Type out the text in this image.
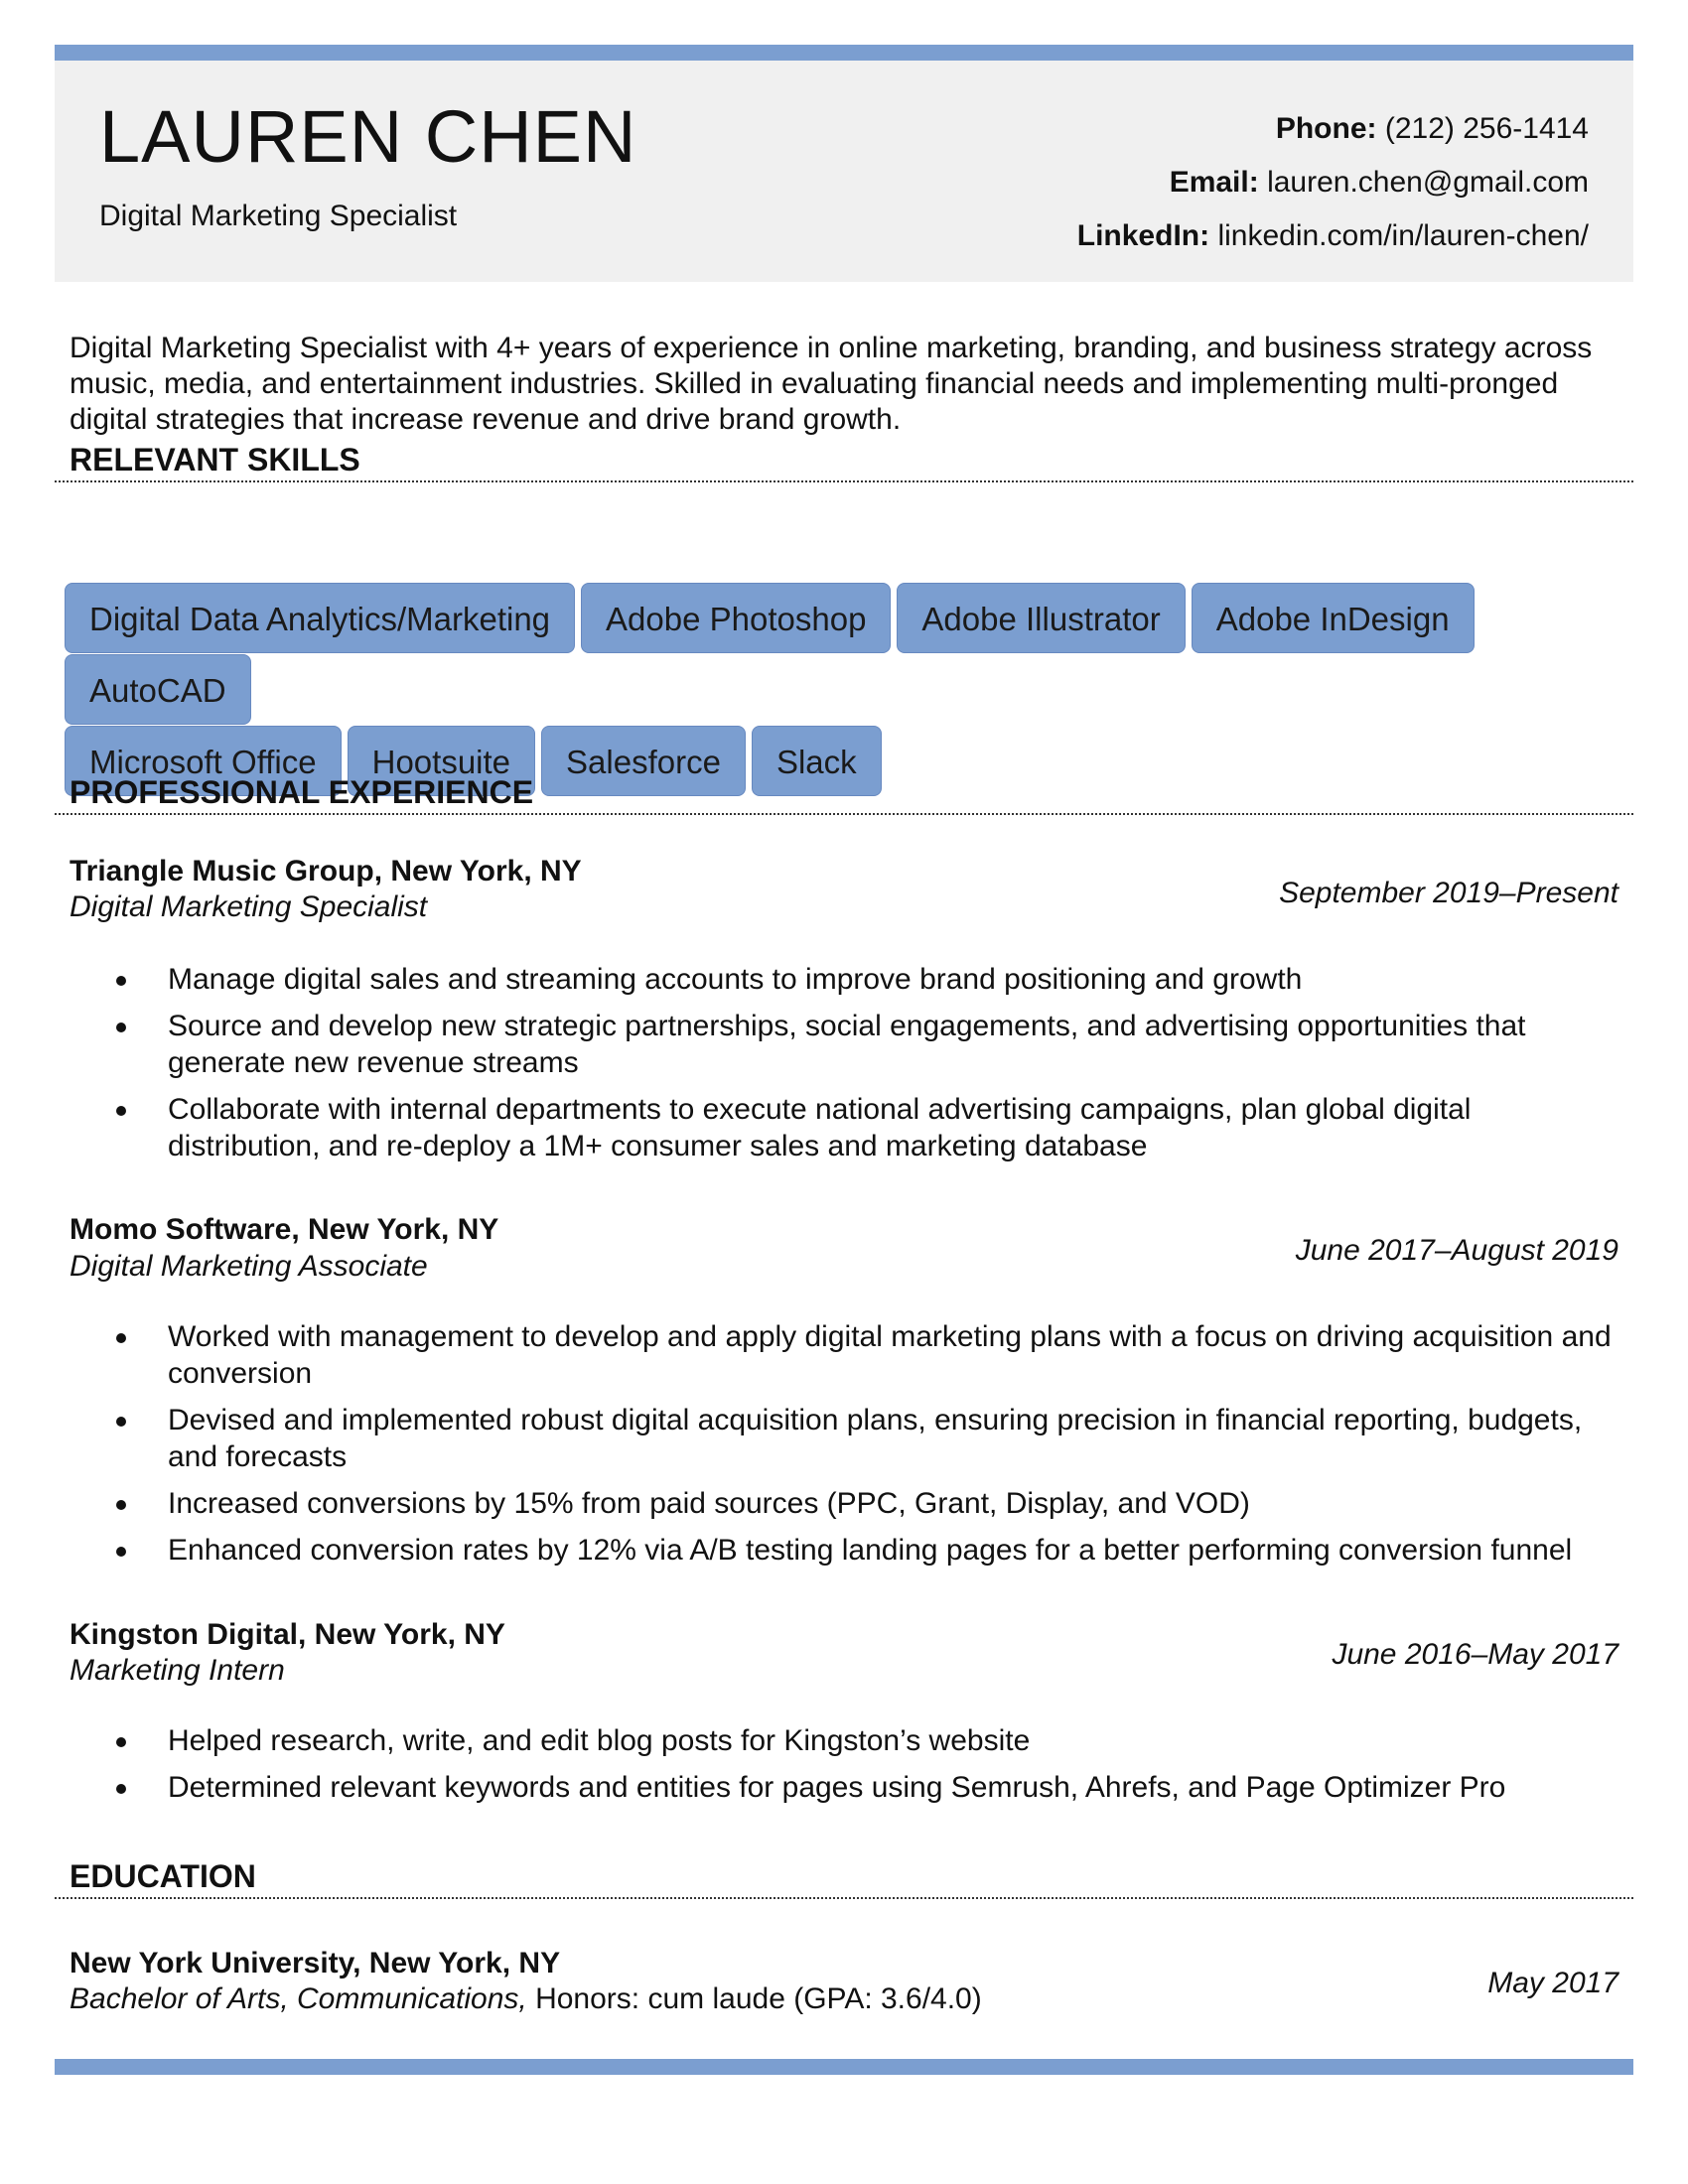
LAUREN CHEN
Digital Marketing Specialist
Phone: (212) 256-1414
Email: lauren.chen@gmail.com
LinkedIn: linkedin.com/in/lauren-chen/
Digital Marketing Specialist with 4+ years of experience in online marketing, branding, and business strategy across music, media, and entertainment industries. Skilled in evaluating financial needs and implementing multi-pronged digital strategies that increase revenue and drive brand growth.
RELEVANT SKILLS
Digital Data Analytics/Marketing Adobe Photoshop Adobe Illustrator Adobe InDesignAutoCAD
Microsoft Office Hootsuite Salesforce Slack
PROFESSIONAL EXPERIENCE
Triangle Music Group, New York, NY
Digital Marketing Specialist	September 2019–Present
Manage digital sales and streaming accounts to improve brand positioning and growth
Source and develop new strategic partnerships, social engagements, and advertising opportunities that generate new revenue streams
Collaborate with internal departments to execute national advertising campaigns, plan global digital distribution, and re-deploy a 1M+ consumer sales and marketing database
Momo Software, New York, NY
Digital Marketing Associate	June 2017–August 2019
Worked with management to develop and apply digital marketing plans with a focus on driving acquisition and conversion
Devised and implemented robust digital acquisition plans, ensuring precision in financial reporting, budgets, and forecasts
Increased conversions by 15% from paid sources (PPC, Grant, Display, and VOD)
Enhanced conversion rates by 12% via A/B testing landing pages for a better performing conversion funnel
Kingston Digital, New York, NY
Marketing Intern	June 2016–May 2017
Helped research, write, and edit blog posts for Kingston’s website
Determined relevant keywords and entities for pages using Semrush, Ahrefs, and Page Optimizer Pro
EDUCATION
New York University, New York, NY
Bachelor of Arts, Communications, Honors: cum laude (GPA: 3.6/4.0)	May 2017
